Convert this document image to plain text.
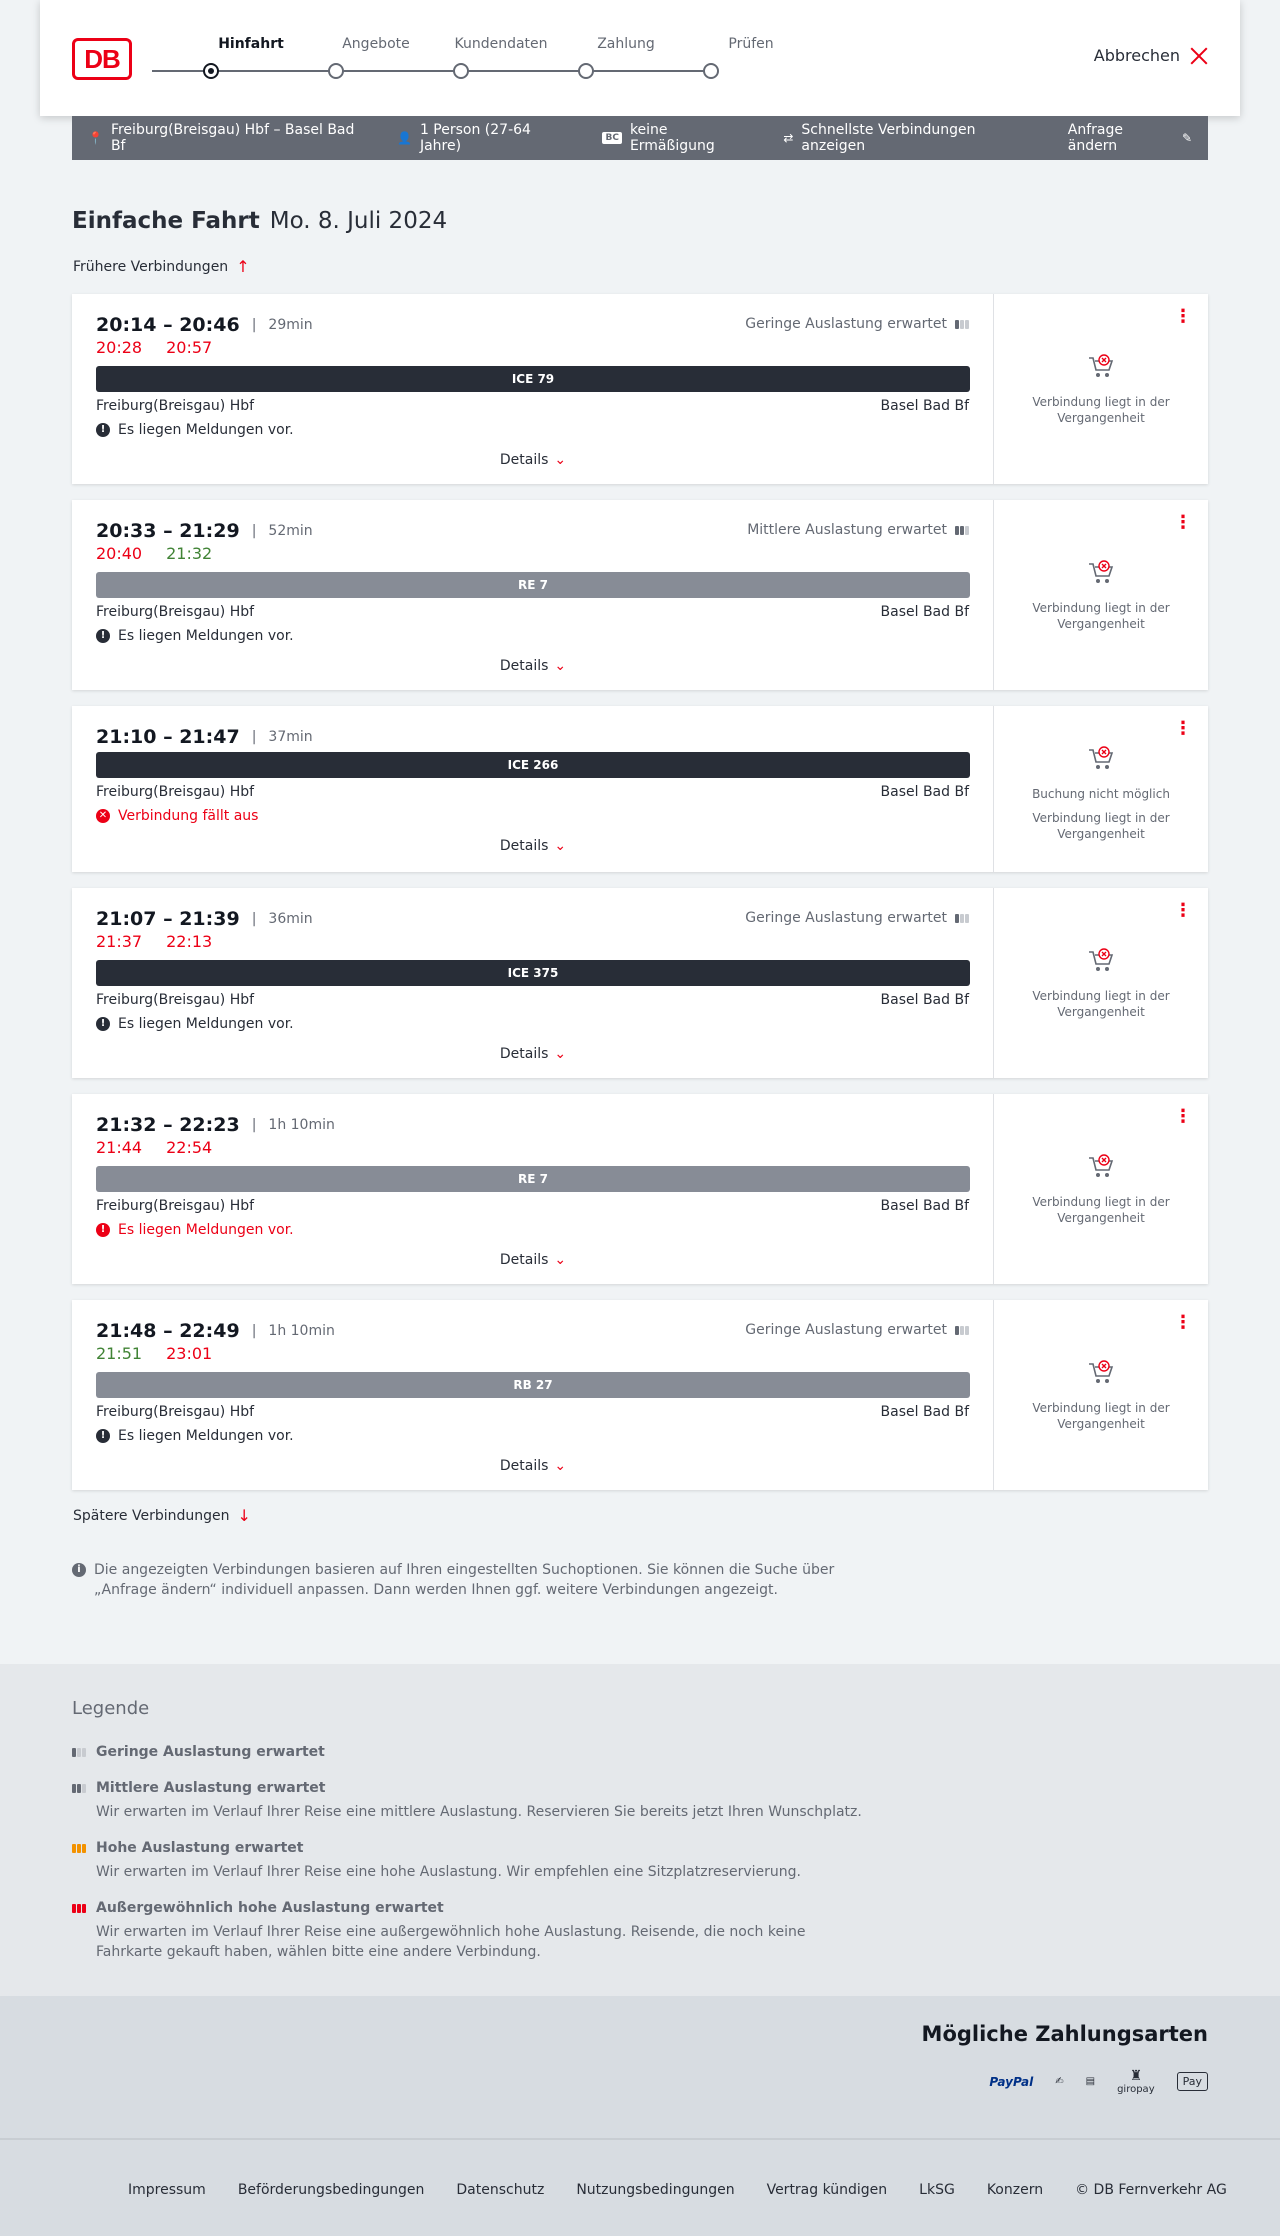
DB	Hinfahrt	Angebote	Kundendaten	Zahlung	Prüfen
Abbrechen
📍 Freiburg(Breisgau) Hbf – Basel Bad Bf	👤 1 Person (27-64 Jahre)	BC keine Ermäßigung	⇄ Schnellste Verbindungen anzeigen
Anfrage ändern	✎
Einfache Fahrt Mo. 8. Juli 2024
Frühere Verbindungen ↑
20:14 – 20:46 | 29min
20:28 20:57
Geringe Auslastung erwartet
ICE 79
Freiburg(Breisgau) Hbf	Basel Bad Bf
! Es liegen Meldungen vor.
Details ⌄
⋮
Verbindung liegt in der Vergangenheit
20:33 – 21:29 | 52min
20:40 21:32
Mittlere Auslastung erwartet
RE 7
Freiburg(Breisgau) Hbf	Basel Bad Bf
! Es liegen Meldungen vor.
Details ⌄
⋮
Verbindung liegt in der Vergangenheit
21:10 – 21:47 | 37min
ICE 266
Freiburg(Breisgau) Hbf	Basel Bad Bf
✕ Verbindung fällt aus
Details ⌄
⋮
Buchung nicht möglich
Verbindung liegt in der Vergangenheit
21:07 – 21:39 | 36min
21:37 22:13
Geringe Auslastung erwartet
ICE 375
Freiburg(Breisgau) Hbf	Basel Bad Bf
! Es liegen Meldungen vor.
Details ⌄
⋮
Verbindung liegt in der Vergangenheit
21:32 – 22:23 | 1h 10min
21:44 22:54
RE 7
Freiburg(Breisgau) Hbf	Basel Bad Bf
! Es liegen Meldungen vor.
Details ⌄
⋮
Verbindung liegt in der Vergangenheit
21:48 – 22:49 | 1h 10min
21:51 23:01
Geringe Auslastung erwartet
RB 27
Freiburg(Breisgau) Hbf	Basel Bad Bf
! Es liegen Meldungen vor.
Details ⌄
⋮
Verbindung liegt in der Vergangenheit
Spätere Verbindungen ↓
i Die angezeigten Verbindungen basieren auf Ihren eingestellten Suchoptionen. Sie können die Suche über „Anfrage ändern“ individuell anpassen. Dann werden Ihnen ggf. weitere Verbindungen angezeigt.
Legende
Geringe Auslastung erwartet
Mittlere Auslastung erwartet
Wir erwarten im Verlauf Ihrer Reise eine mittlere Auslastung. Reservieren Sie bereits jetzt Ihren Wunschplatz.
Hohe Auslastung erwartet
Wir erwarten im Verlauf Ihrer Reise eine hohe Auslastung. Wir empfehlen eine Sitzplatzreservierung.
Außergewöhnlich hohe Auslastung erwartet
Wir erwarten im Verlauf Ihrer Reise eine außergewöhnlich hohe Auslastung. Reisende, die noch keine Fahrkarte gekauft haben, wählen bitte eine andere Verbindung.
Mögliche Zahlungsarten
PayPal ✍ ▤	♜
giropay
Pay
Impressum Beförderungsbedingungen Datenschutz Nutzungsbedingungen Vertrag kündigen LkSG Konzern © DB Fernverkehr AG
